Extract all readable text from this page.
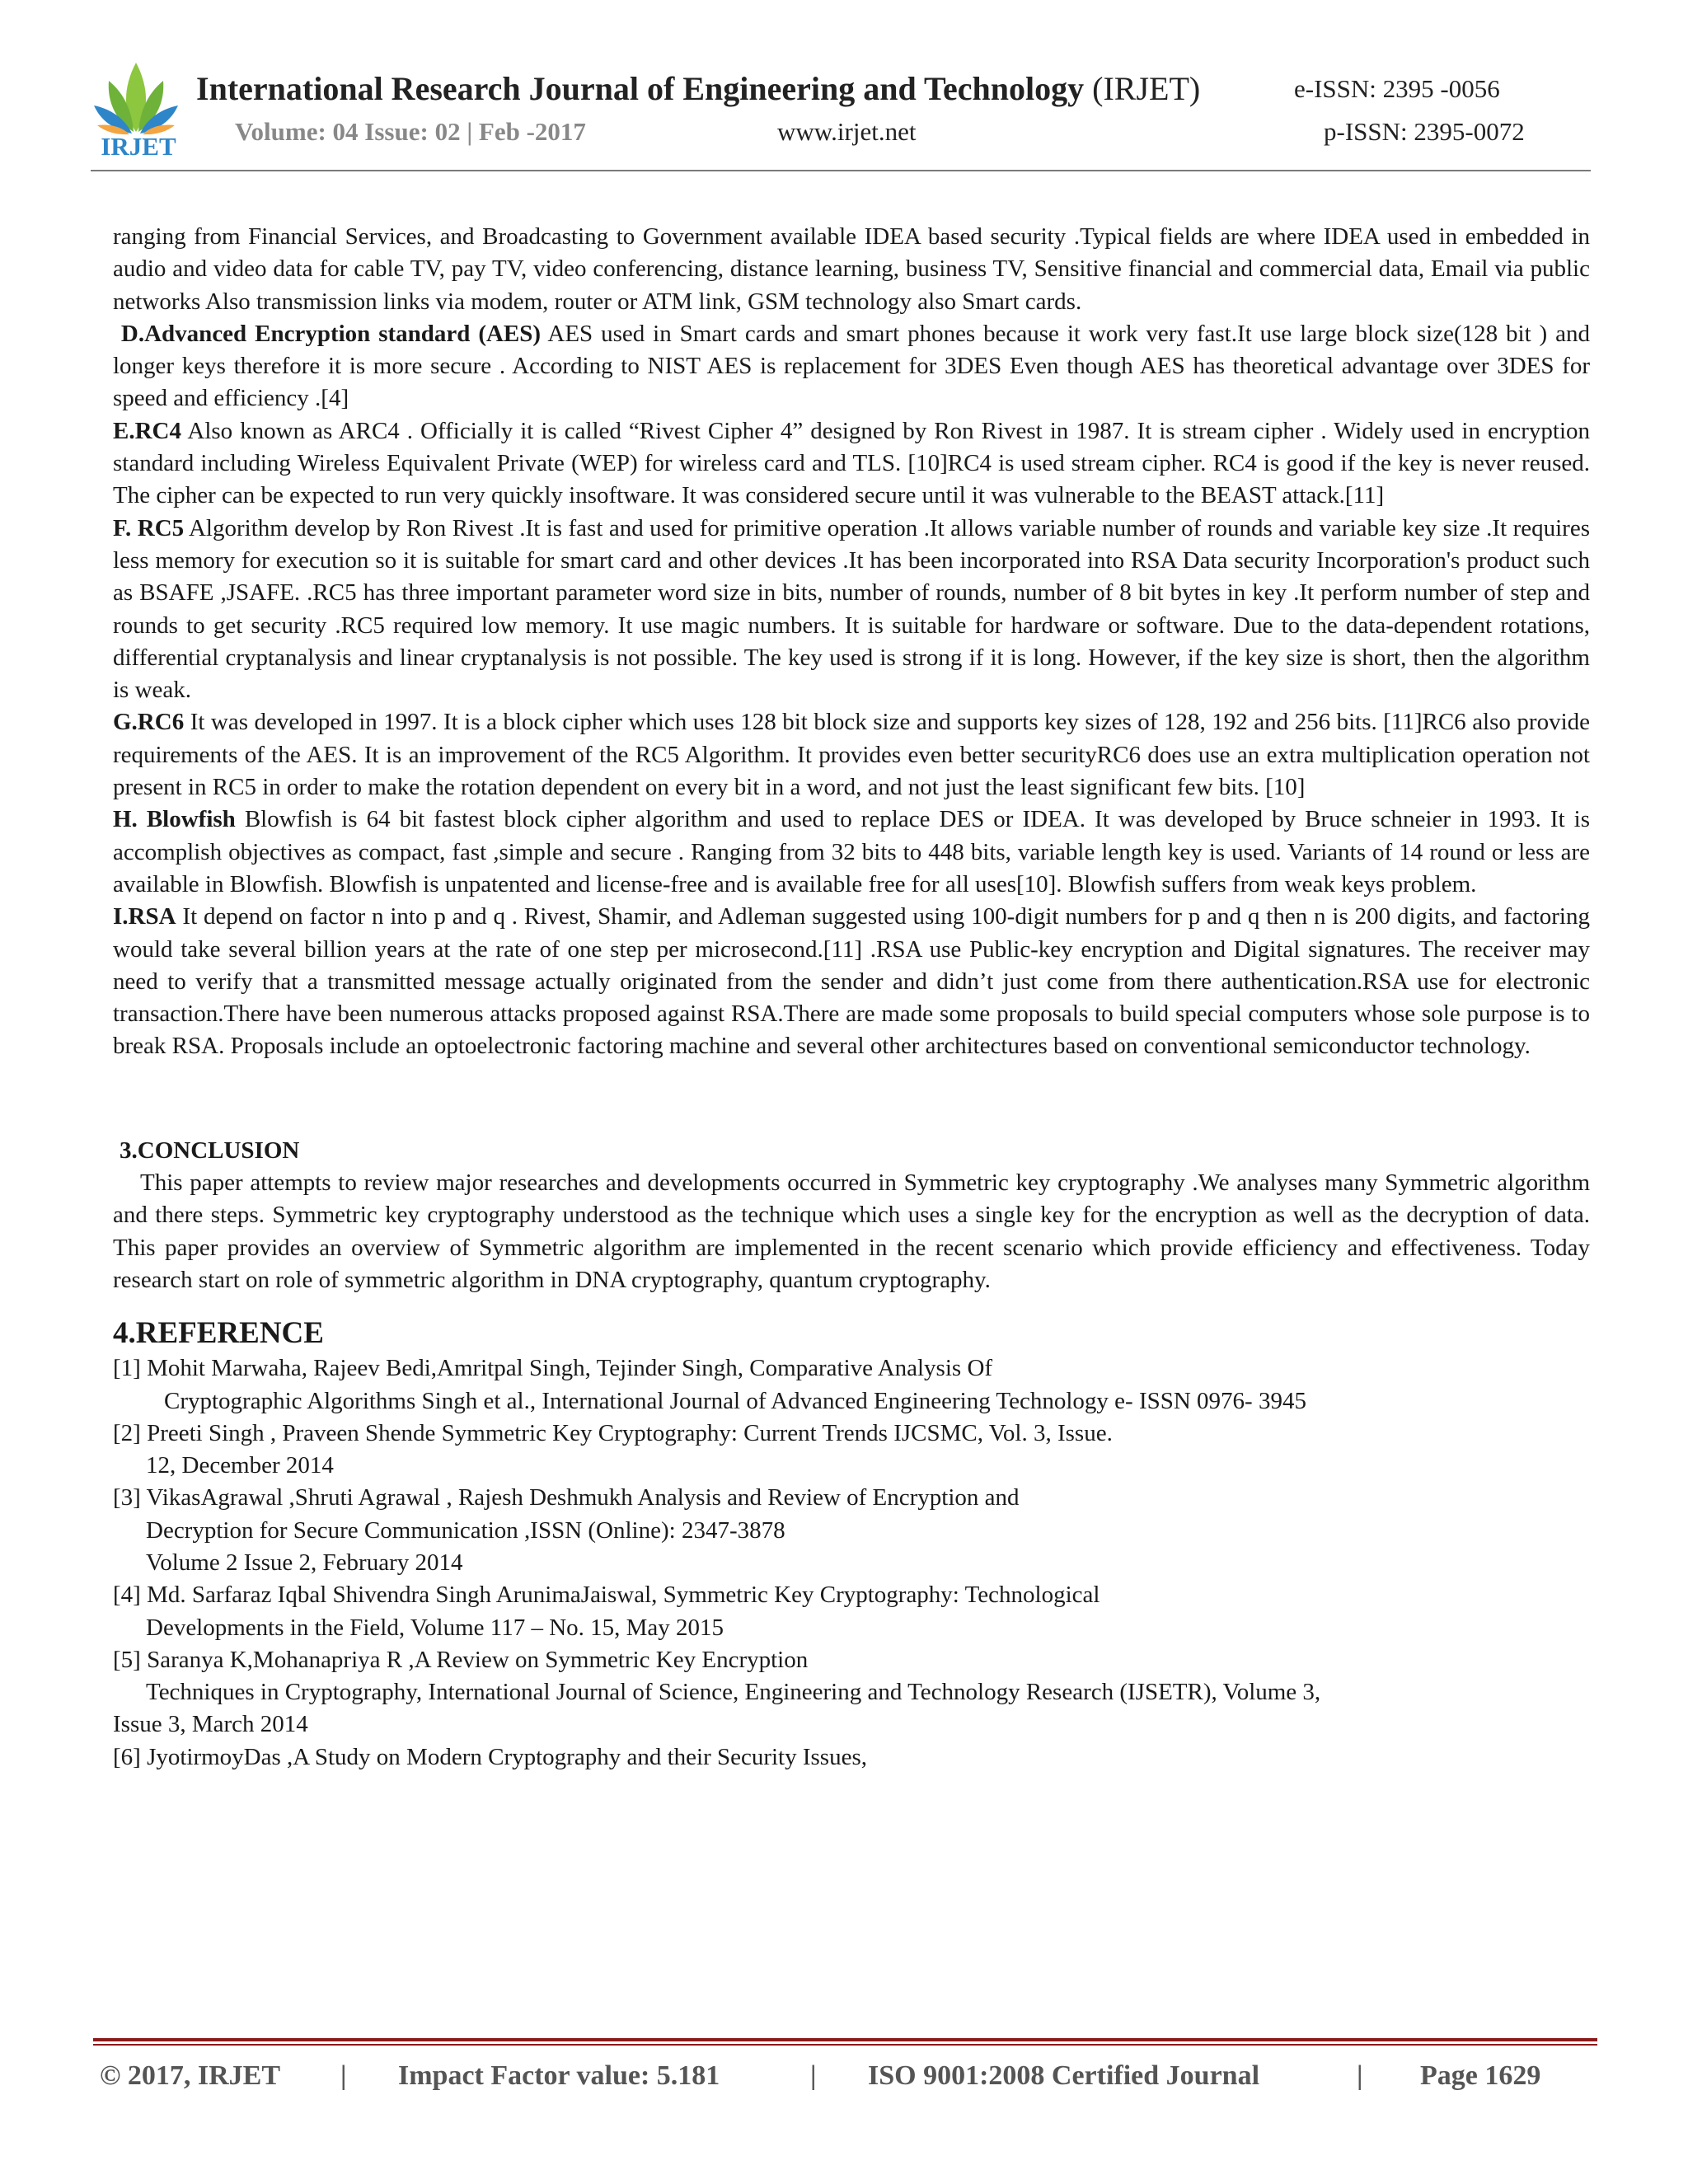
IRJET
International Research Journal of Engineering and Technology (IRJET)	e-ISSN: 2395 -0056
Volume: 04 Issue: 02 | Feb -2017	www.irjet.net	p-ISSN: 2395-0072

ranging from Financial Services, and Broadcasting to Government available IDEA based security .Typical fields are where IDEA used in embedded in audio and video data for cable TV, pay TV, video conferencing, distance learning, business TV, Sensitive financial and commercial data, Email via public networks Also transmission links via modem, router or ATM link, GSM technology also Smart cards.

D.Advanced Encryption standard (AES) AES used in Smart cards and smart phones because it work very fast.It use large block size(128 bit ) and longer keys therefore it is more secure . According to NIST AES is replacement for 3DES Even though AES has theoretical advantage over 3DES for speed and efficiency .[4]

E.RC4 Also known as ARC4 . Officially it is called “Rivest Cipher 4” designed by Ron Rivest in 1987. It is stream cipher . Widely used in encryption standard including Wireless Equivalent Private (WEP) for wireless card and TLS. [10]RC4 is used stream cipher. RC4 is good if the key is never reused. The cipher can be expected to run very quickly insoftware. It was considered secure until it was vulnerable to the BEAST attack.[11]

F. RC5 Algorithm develop by Ron Rivest .It is fast and used for primitive operation .It allows variable number of rounds and variable key size .It requires less memory for execution so it is suitable for smart card and other devices .It has been incorporated into RSA Data security Incorporation's product such as BSAFE ,JSAFE. .RC5 has three important parameter word size in bits, number of rounds, number of 8 bit bytes in key .It perform number of step and rounds to get security .RC5 required low memory. It use magic numbers. It is suitable for hardware or software. Due to the data-dependent rotations, differential cryptanalysis and linear cryptanalysis is not possible. The key used is strong if it is long. However, if the key size is short, then the algorithm is weak.

G.RC6 It was developed in 1997. It is a block cipher which uses 128 bit block size and supports key sizes of 128, 192 and 256 bits. [11]RC6 also provide requirements of the AES. It is an improvement of the RC5 Algorithm. It provides even better securityRC6 does use an extra multiplication operation not present in RC5 in order to make the rotation dependent on every bit in a word, and not just the least significant few bits. [10]

H. Blowfish Blowfish is 64 bit fastest block cipher algorithm and used to replace DES or IDEA. It was developed by Bruce schneier in 1993. It is accomplish objectives as compact, fast ,simple and secure . Ranging from 32 bits to 448 bits, variable length key is used. Variants of 14 round or less are available in Blowfish. Blowfish is unpatented and license-free and is available free for all uses[10]. Blowfish suffers from weak keys problem.

I.RSA It depend on factor n into p and q . Rivest, Shamir, and Adleman suggested using 100-digit numbers for p and q then n is 200 digits, and factoring would take several billion years at the rate of one step per microsecond.[11] .RSA use Public-key encryption and Digital signatures. The receiver may need to verify that a transmitted message actually originated from the sender and didn’t just come from there authentication.RSA use for electronic transaction.There have been numerous attacks proposed against RSA.There are made some proposals to build special computers whose sole purpose is to break RSA. Proposals include an optoelectronic factoring machine and several other architectures based on conventional semiconductor technology.

3.CONCLUSION

This paper attempts to review major researches and developments occurred in Symmetric key cryptography .We analyses many Symmetric algorithm and there steps. Symmetric key cryptography understood as the technique which uses a single key for the encryption as well as the decryption of data. This paper provides an overview of Symmetric algorithm are implemented in the recent scenario which provide efficiency and effectiveness. Today research start on role of symmetric algorithm in DNA cryptography, quantum cryptography.

4.REFERENCE
[1] Mohit Marwaha, Rajeev Bedi,Amritpal Singh, Tejinder Singh, Comparative Analysis Of
Cryptographic Algorithms Singh et al., International Journal of Advanced Engineering Technology e- ISSN 0976- 3945
[2] Preeti Singh , Praveen Shende Symmetric Key Cryptography: Current Trends IJCSMC, Vol. 3, Issue.
12, December 2014
[3] VikasAgrawal ,Shruti Agrawal , Rajesh Deshmukh Analysis and Review of Encryption and
Decryption for Secure Communication ,ISSN (Online): 2347-3878
Volume 2 Issue 2, February 2014
[4] Md. Sarfaraz Iqbal Shivendra Singh ArunimaJaiswal, Symmetric Key Cryptography: Technological
Developments in the Field, Volume 117 – No. 15, May 2015
[5] Saranya K,Mohanapriya R ,A Review on Symmetric Key Encryption
Techniques in Cryptography, International Journal of Science, Engineering and Technology Research (IJSETR), Volume 3,
Issue 3, March 2014
[6] JyotirmoyDas ,A Study on Modern Cryptography and their Security Issues,
© 2017, IRJET | Impact Factor value: 5.181	| ISO 9001:2008 Certified Journal	| Page 1629
